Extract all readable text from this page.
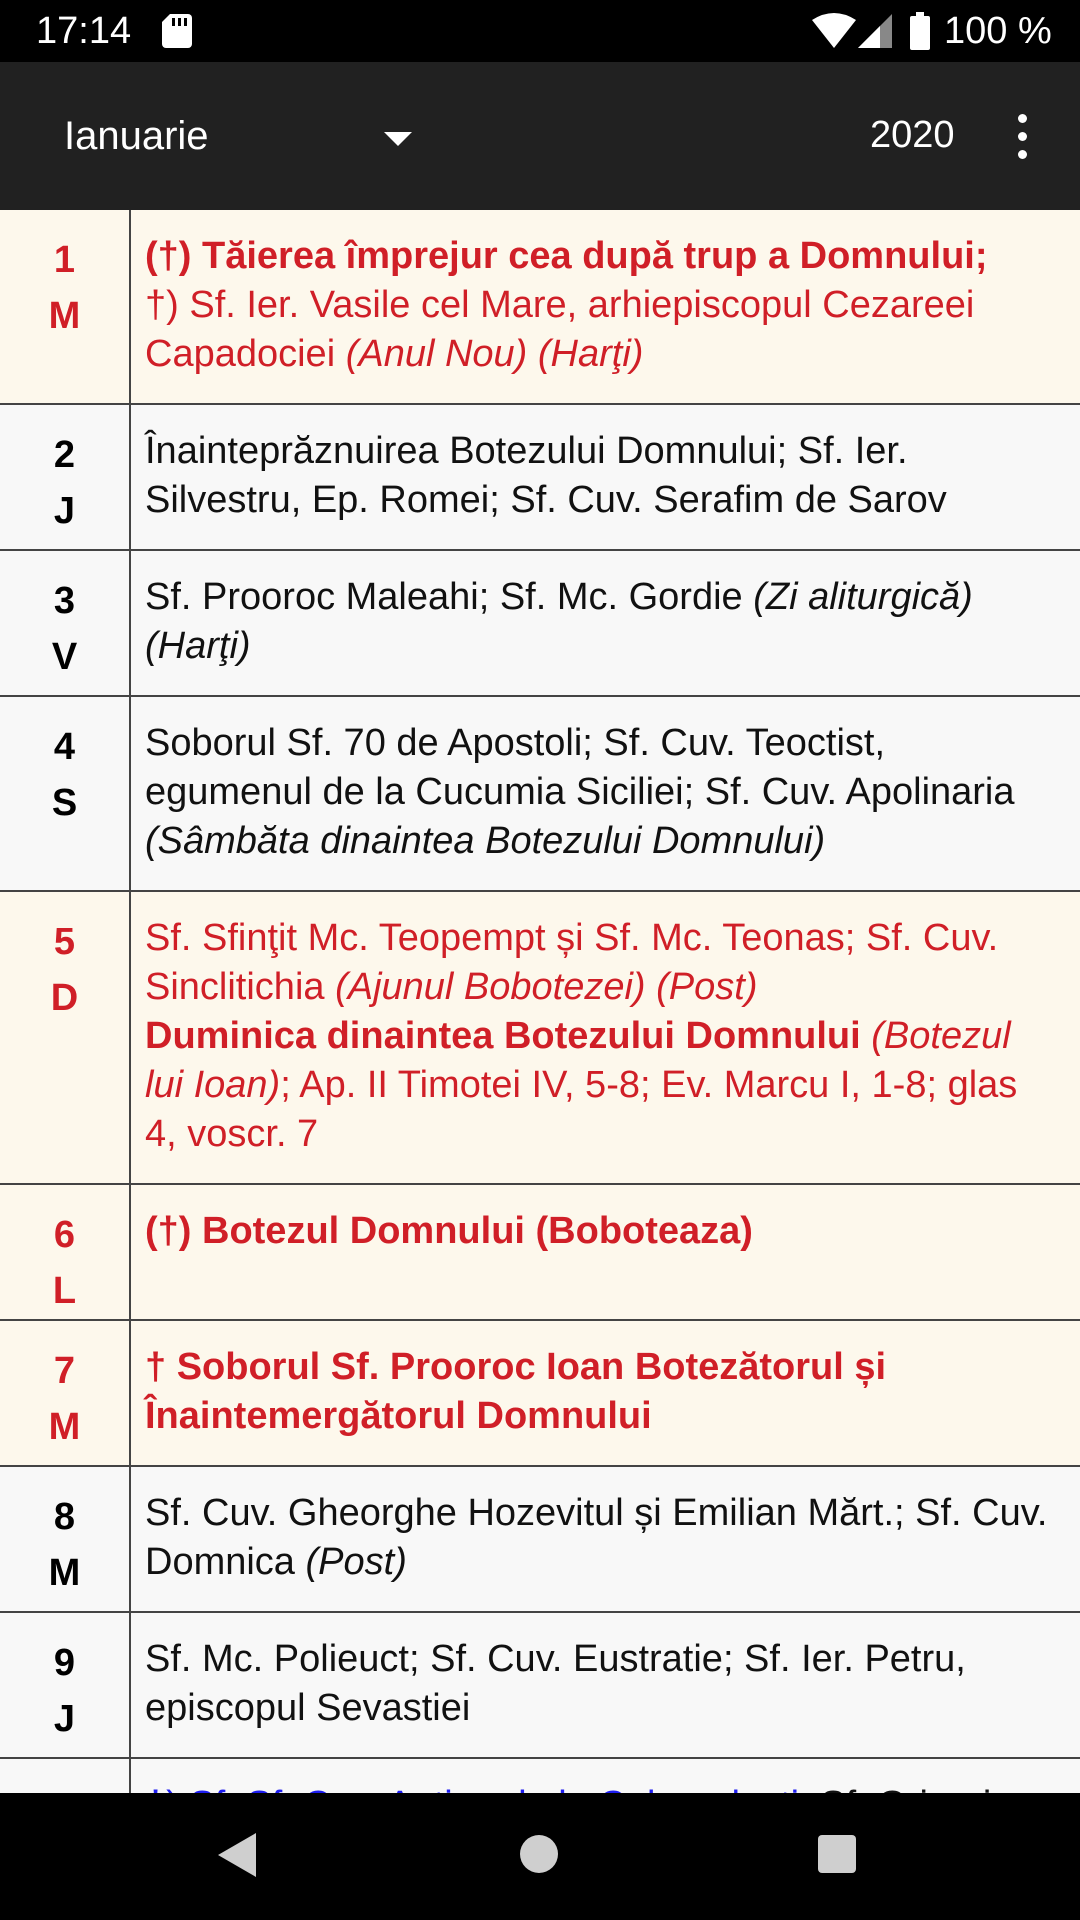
17:14	100 %
Ianuarie	2020
1
M
(†) Tăierea împrejur cea după trup a Domnului;
†) Sf. Ier. Vasile cel Mare, arhiepiscopul Cezareei Capadociei (Anul Nou) (Harţi)
2
J
Înainteprăznuirea Botezului Domnului; Sf. Ier. Silvestru, Ep. Romei; Sf. Cuv. Serafim de Sarov
3
V
Sf. Prooroc Maleahi; Sf. Mc. Gordie (Zi aliturgică) (Harţi)
4
S
Soborul Sf. 70 de Apostoli; Sf. Cuv. Teoctist, egumenul de la Cucumia Siciliei; Sf. Cuv. Apolinaria (Sâmbăta dinaintea Botezului Domnului)
5
D
Sf. Sfinţit Mc. Teopempt și Sf. Mc. Teonas; Sf. Cuv. Sinclitichia (Ajunul Bobotezei) (Post)
Duminica dinaintea Botezului Domnului (Botezul lui Ioan); Ap. II Timotei IV, 5-8; Ev. Marcu I, 1-8; glas 4, voscr. 7
6
L
(†) Botezul Domnului (Boboteaza)
7
M
† Soborul Sf. Prooroc Ioan Botezătorul și Înaintemergătorul Domnului
8
M
Sf. Cuv. Gheorghe Hozevitul și Emilian Mărt.; Sf. Cuv. Domnica (Post)
9
J
Sf. Mc. Polieuct; Sf. Cuv. Eustratie; Sf. Ier. Petru, episcopul Sevastiei
